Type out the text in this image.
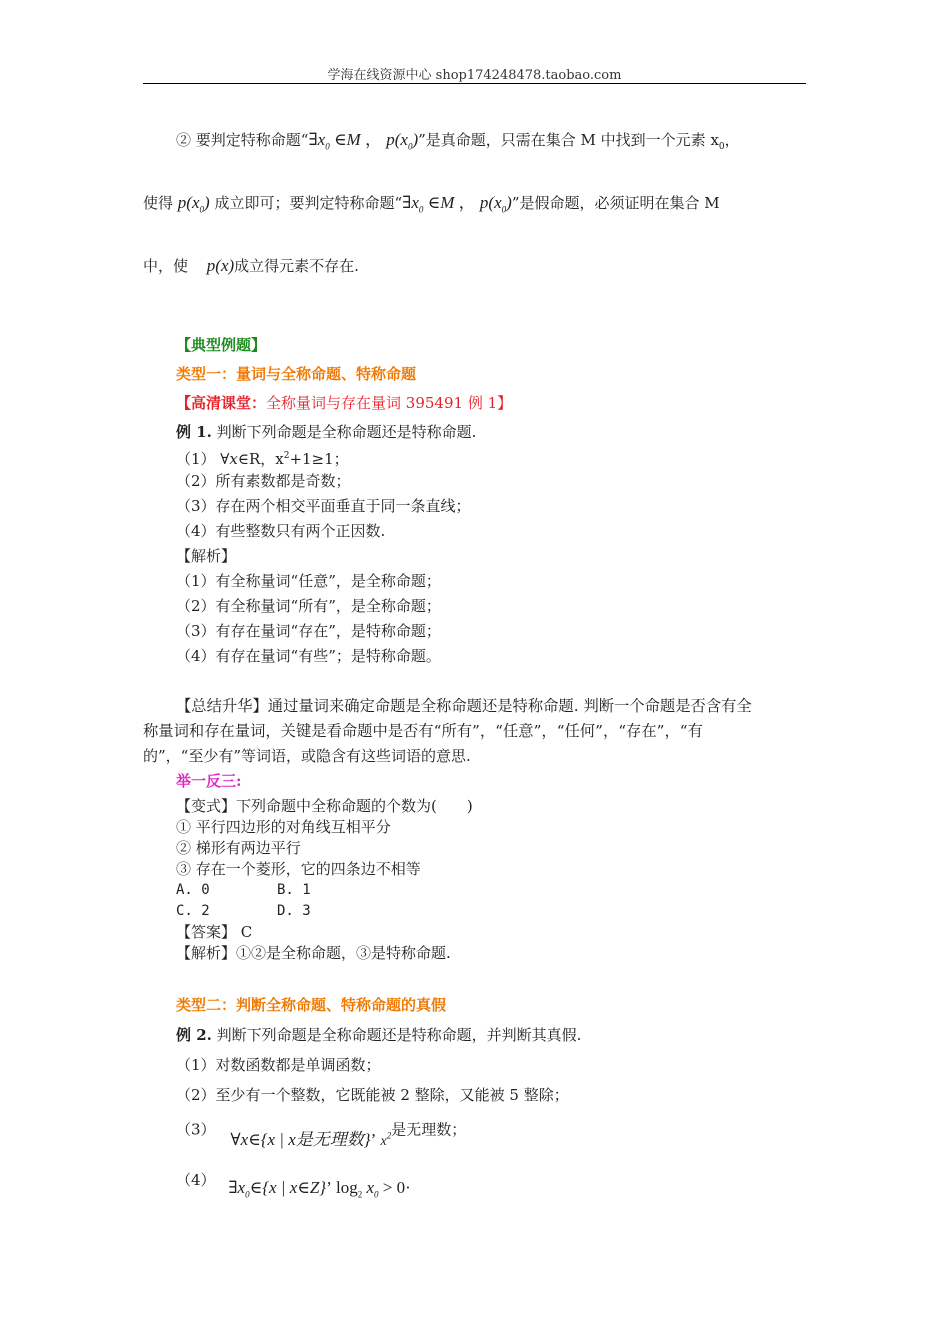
学海在线资源中心 shop174248478.taobao.com
② 要判定特称命题“$\exists x_0$ ∈M ， $p(x_0)$”是真命题，只需在集合 M 中找到一个元素 $x_0$，
使得 $p(x_0)$ 成立即可；要判定特称命题“$\exists x_0$ ∈M ， $p(x_0)$”是假命题，必须证明在集合 M
中，使 p(x)成立得元素不存在.
【典型例题】
类型一：量词与全称命题、特称命题
【高清课堂：全称量词与存在量词 395491 例 1】
例 1. 判断下列命题是全称命题还是特称命题.
（1） ∀x∈R，$x^2+1\ge 1$；
（2）所有素数都是奇数；
（3）存在两个相交平面垂直于同一条直线；
（4）有些整数只有两个正因数.
【解析】
（1）有全称量词“任意”，是全称命题；
（2）有全称量词“所有”，是全称命题；
（3）有存在量词“存在”，是特称命题；
（4）有存在量词“有些”；是特称命题。
【总结升华】通过量词来确定命题是全称命题还是特称命题. 判断一个命题是否含有全
称量词和存在量词，关键是看命题中是否有“所有”，“任意”，“任何”，“存在”，“有
的”，“至少有”等词语，或隐含有这些词语的意思.
举一反三:
【变式】下列命题中全称命题的个数为(　　)
① 平行四边形的对角线互相平分
② 梯形有两边平行
③ 存在一个菱形，它的四条边不相等
A. 0	B. 1
C. 2	D. 3
【答案】 C
【解析】①②是全称命题，③是特称命题.
类型二：判断全称命题、特称命题的真假
例 2. 判断下列命题是全称命题还是特称命题，并判断其真假.
（1）对数函数都是单调函数；
（2）至少有一个整数，它既能被 2 整除，又能被 5 整除；
（3） ∀x∈{x | x是无理数}’ $x^2$是无理数；
（4） $\exists x_0\in\{x$ | x∈Z}’ $\log_2 x_0 > 0\cdot$
